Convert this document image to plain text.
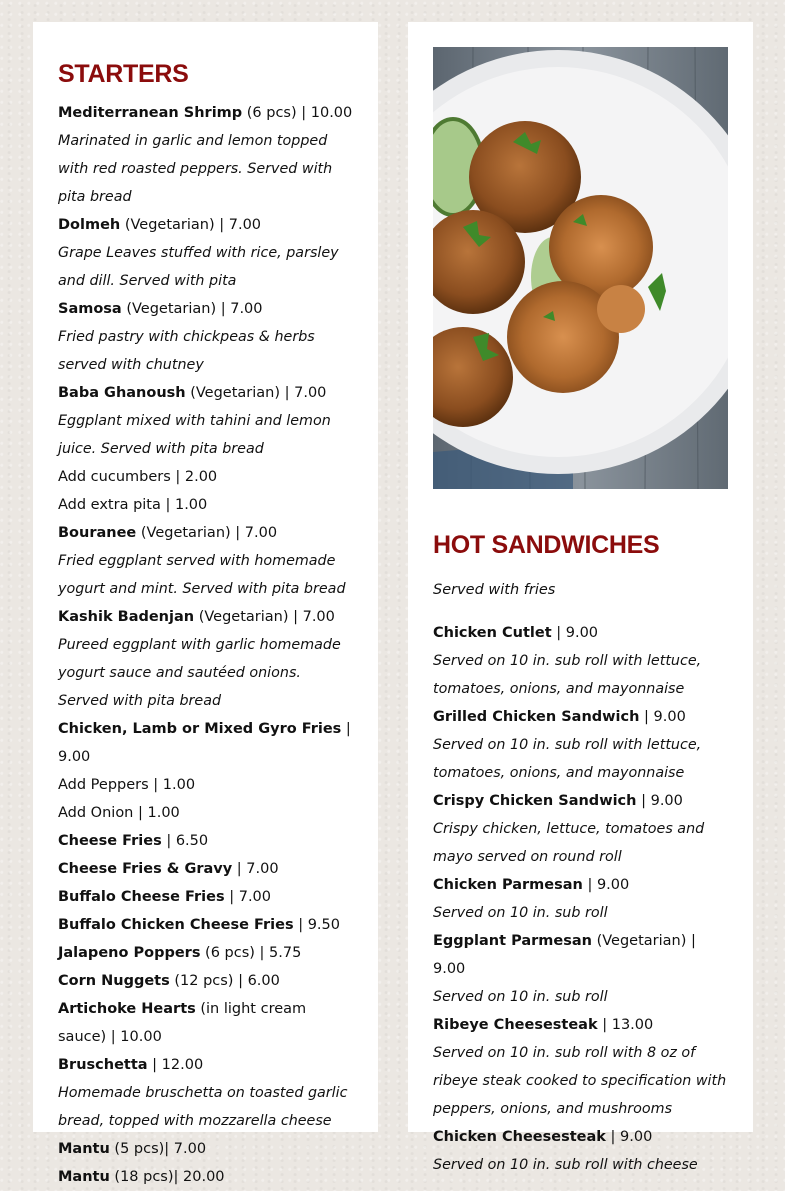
STARTERS
Mediterranean Shrimp (6 pcs) | 10.00
Marinated in garlic and lemon topped with red roasted peppers. Served with pita bread
Dolmeh (Vegetarian) | 7.00
Grape Leaves stuffed with rice, parsley and dill. Served with pita
Samosa (Vegetarian) | 7.00
Fried pastry with chickpeas & herbs served with chutney
Baba Ghanoush (Vegetarian) | 7.00
Eggplant mixed with tahini and lemon juice. Served with pita bread
Add cucumbers | 2.00
Add extra pita | 1.00
Bouranee (Vegetarian) | 7.00
Fried eggplant served with homemade yogurt and mint. Served with pita bread
Kashik Badenjan (Vegetarian) | 7.00
Pureed eggplant with garlic homemade yogurt sauce and sautéed onions. Served with pita bread
Chicken, Lamb or Mixed Gyro Fries | 9.00
Add Peppers | 1.00
Add Onion | 1.00
Cheese Fries | 6.50
Cheese Fries & Gravy | 7.00
Buffalo Cheese Fries | 7.00
Buffalo Chicken Cheese Fries | 9.50
Jalapeno Poppers (6 pcs) | 5.75
Corn Nuggets (12 pcs) | 6.00
Artichoke Hearts (in light cream sauce) | 10.00
Bruschetta | 12.00
Homemade bruschetta on toasted garlic bread, topped with mozzarella cheese
Mantu (5 pcs)| 7.00
Mantu (18 pcs)| 20.00
HOT SANDWICHES
Served with fries
Chicken Cutlet | 9.00
Served on 10 in. sub roll with lettuce, tomatoes, onions, and mayonnaise
Grilled Chicken Sandwich | 9.00
Served on 10 in. sub roll with lettuce, tomatoes, onions, and mayonnaise
Crispy Chicken Sandwich | 9.00
Crispy chicken, lettuce, tomatoes and mayo served on round roll
Chicken Parmesan | 9.00
Served on 10 in. sub roll
Eggplant Parmesan (Vegetarian) | 9.00
Served on 10 in. sub roll
Ribeye Cheesesteak | 13.00
Served on 10 in. sub roll with 8 oz of ribeye steak cooked to specification with peppers, onions, and mushrooms
Chicken Cheesesteak | 9.00
Served on 10 in. sub roll with cheese
